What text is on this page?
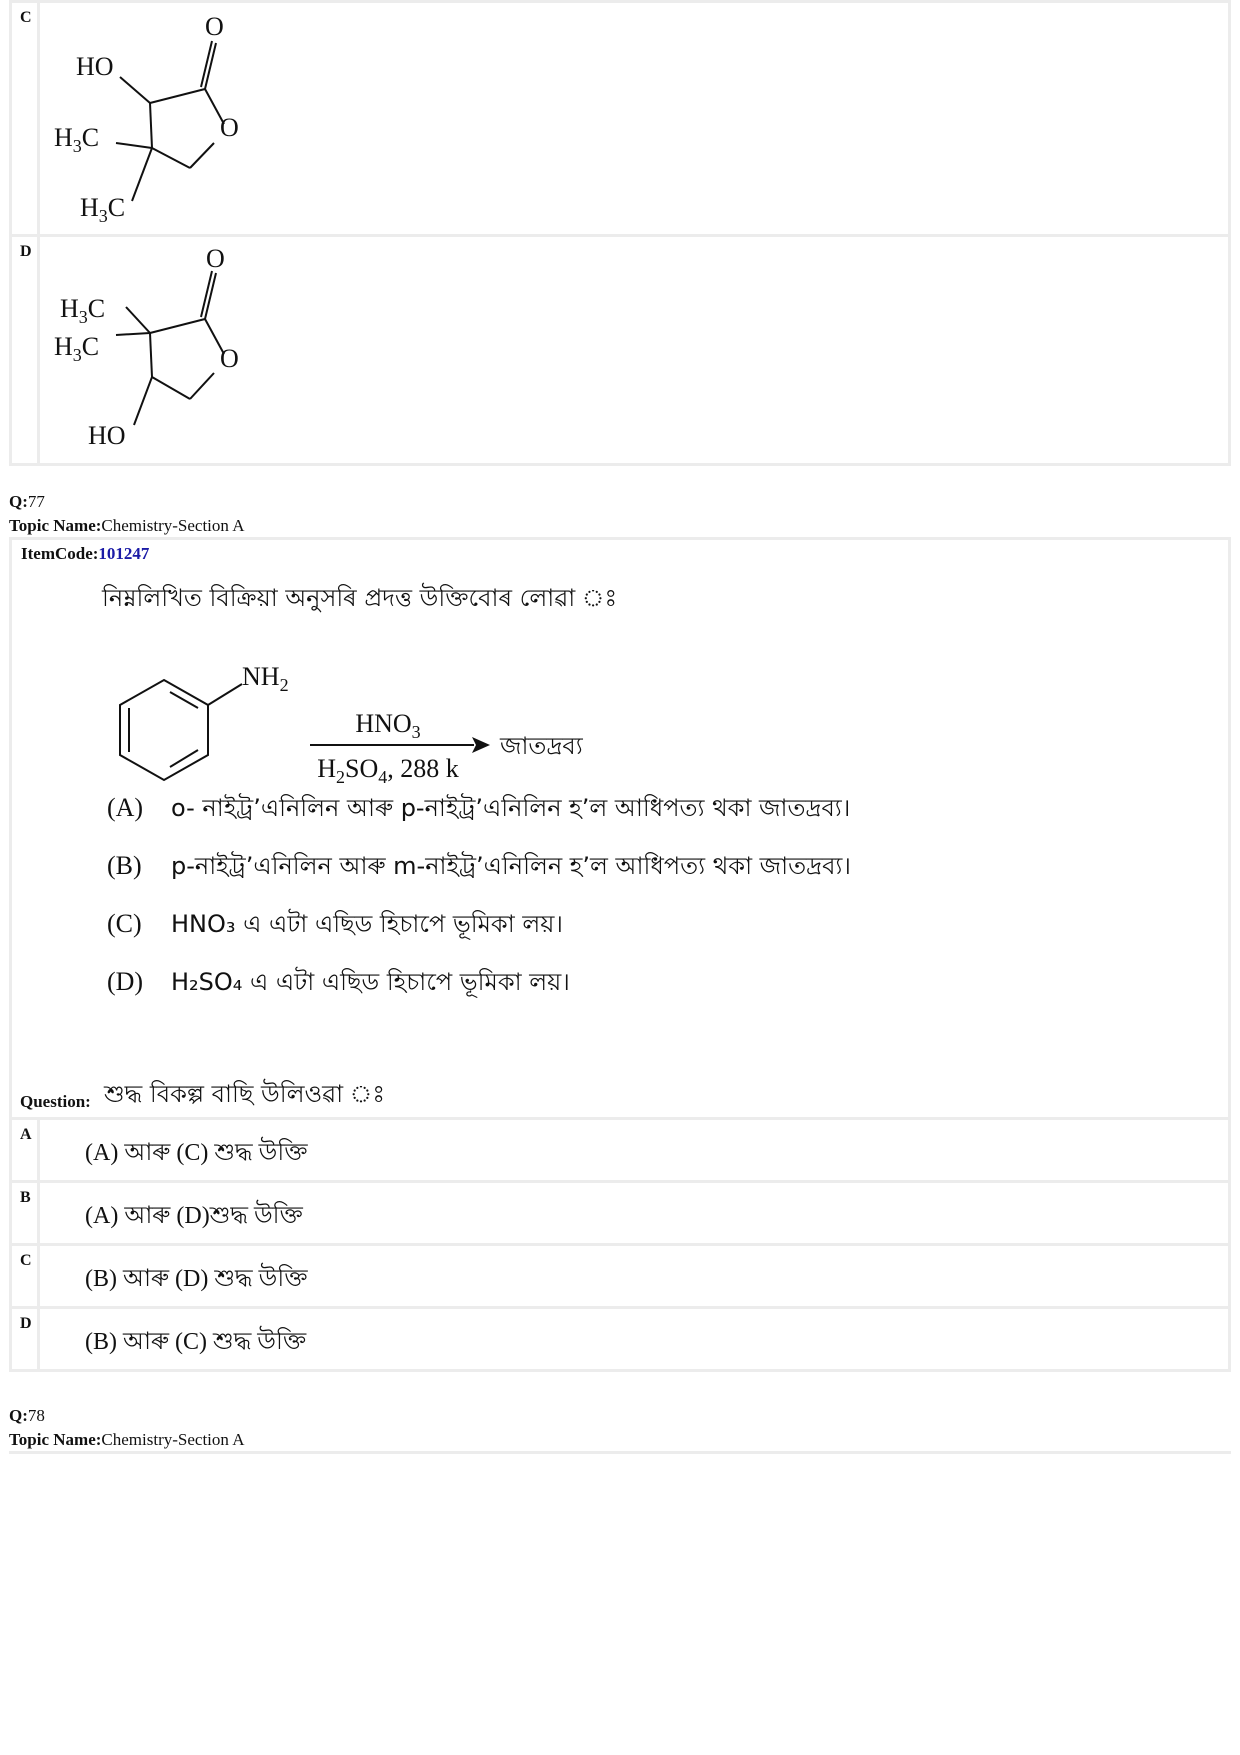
C	O
O
HO
$H_3C$
$H_3C$
D	O
O
$H_3C$
$H_3C$
HO
Q:77
Topic Name:Chemistry-Section A
ItemCode:101247
নিম্নলিখিত বিক্রিয়া অনুসৰি প্ৰদত্ত উক্তিবোৰ লোৱা ঃ
$NH_2$
$HNO_3$
$H_2SO_4$, 288 k
জাতদ্ৰব্য
(A) o- নাইট্ৰ’এনিলিন আৰু p-নাইট্ৰ’এনিলিন হ’ল আধিপত্য থকা জাতদ্ৰব্য।
(B) p-নাইট্ৰ’এনিলিন আৰু m-নাইট্ৰ’এনিলিন হ’ল আধিপত্য থকা জাতদ্ৰব্য।
(C) HNO₃ এ এটা এছিড হিচাপে ভূমিকা লয়।
(D) H₂SO₄ এ এটা এছিড হিচাপে ভূমিকা লয়।
Question: শুদ্ধ বিকল্প বাছি উলিওৱা ঃ
A
(A) আৰু (C) শুদ্ধ উক্তি
B
(A) আৰু (D)শুদ্ধ উক্তি
C
(B) আৰু (D) শুদ্ধ উক্তি
D
(B) আৰু (C) শুদ্ধ উক্তি
Q:78
Topic Name:Chemistry-Section A
